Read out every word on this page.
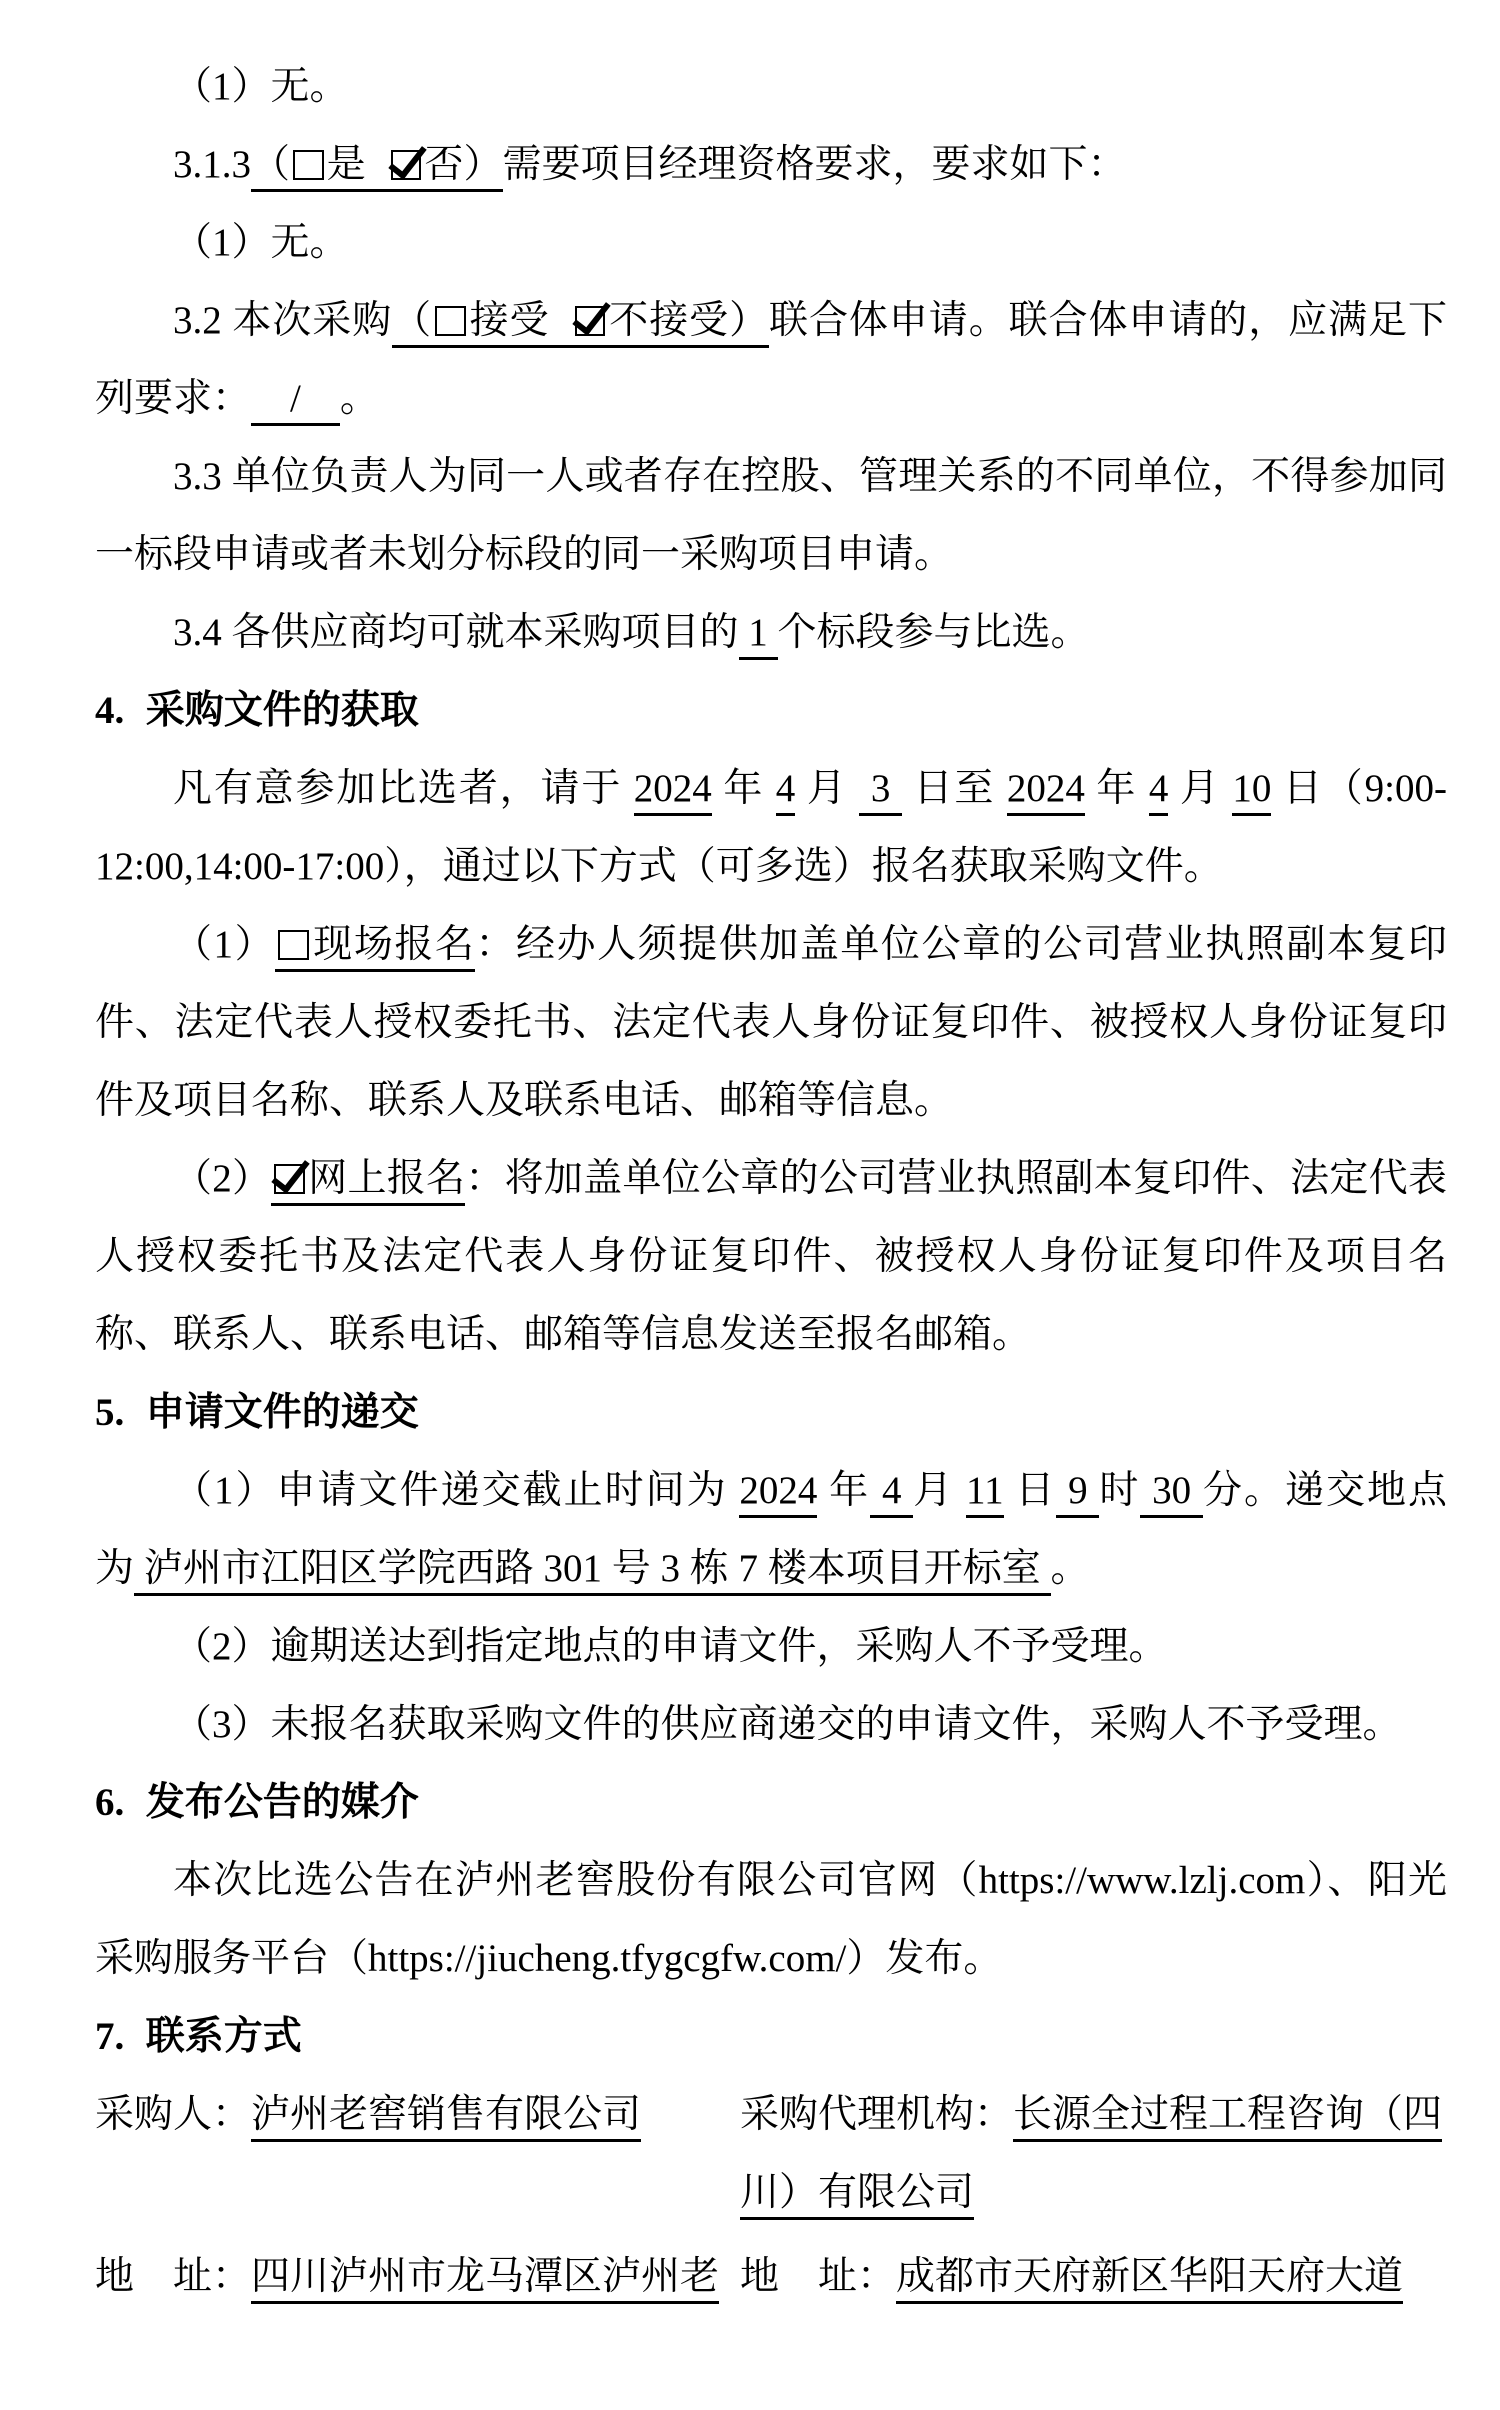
（1）无。

3.1.3（ 是 否）需要项目经理资格要求，要求如下：

（1）无。

3.2 本次采购（ 接受 不接受）联合体申请。联合体申请的，应满足下列要求：    /    。

3.3 单位负责人为同一人或者存在控股、管理关系的不同单位，不得参加同一标段申请或者未划分标段的同一采购项目申请。

3.4 各供应商均可就本采购项目的 1 个标段参与比选。

4. 采购文件的获取

凡有意参加比选者，请于 2024 年 4 月  3  日至 2024 年 4 月 10 日（9:00-12:00,14:00-17:00），通过以下方式（可多选）报名获取采购文件。

（1） 现场报名：经办人须提供加盖单位公章的公司营业执照副本复印件、法定代表人授权委托书、法定代表人身份证复印件、被授权人身份证复印件及项目名称、联系人及联系电话、邮箱等信息。

（2） 网上报名：将加盖单位公章的公司营业执照副本复印件、法定代表人授权委托书及法定代表人身份证复印件、被授权人身份证复印件及项目名称、联系人、联系电话、邮箱等信息发送至报名邮箱。

5. 申请文件的递交

（1）申请文件递交截止时间为 2024 年 4 月 11 日 9 时 30 分。递交地点为 泸州市江阳区学院西路 301 号 3 栋 7 楼本项目开标室 。

（2）逾期送达到指定地点的申请文件，采购人不予受理。

（3）未报名获取采购文件的供应商递交的申请文件，采购人不予受理。

6. 发布公告的媒介

本次比选公告在泸州老窖股份有限公司官网（https://www.lzlj.com）、阳光采购服务平台（https://jiucheng.tfygcgfw.com/）发布。

7. 联系方式

采购人：泸州老窖销售有限公司	采购代理机构：长源全过程工程咨询（四川）有限公司
地　址：四川泸州市龙马潭区泸州老 地　址：成都市天府新区华阳天府大道
